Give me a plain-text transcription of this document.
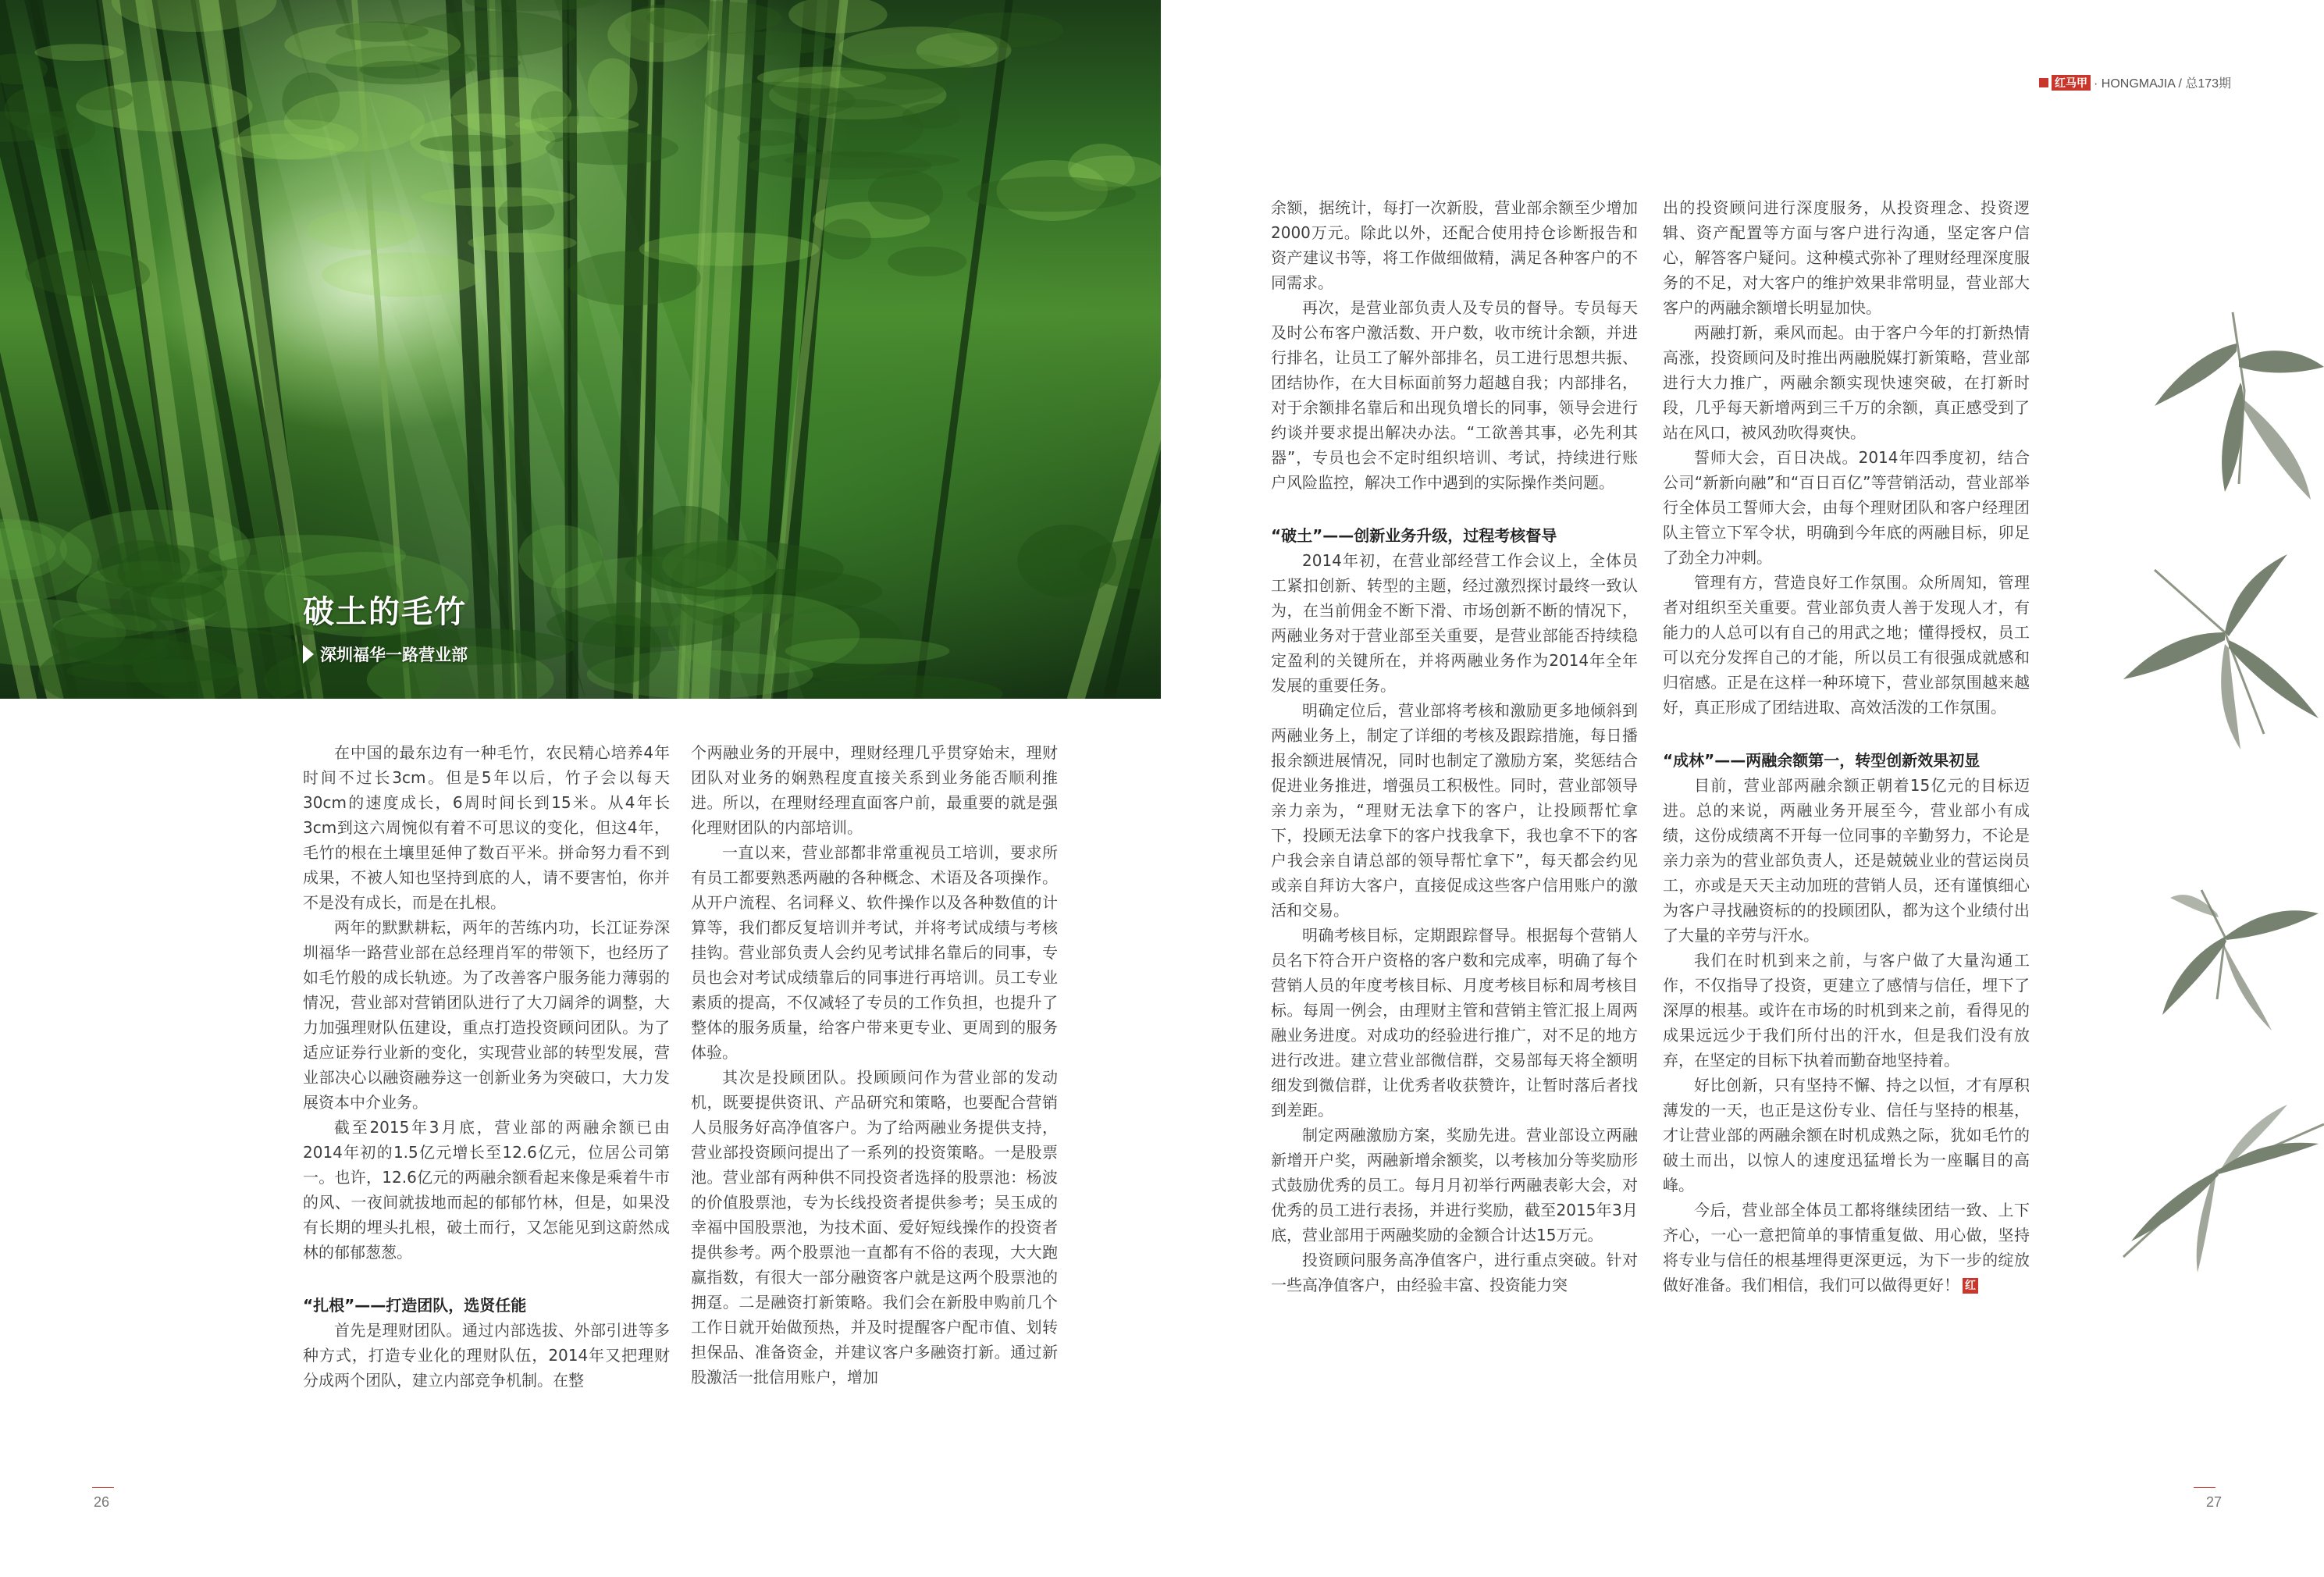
破土的毛竹
深圳福华一路营业部

在中国的最东边有一种毛竹，农民精心培养4年时间不过长3cm。但是5年以后，竹子会以每天30cm的速度成长，6周时间长到15米。从4年长3cm到这六周惋似有着不可思议的变化，但这4年，毛竹的根在土壤里延伸了数百平米。拼命努力看不到成果，不被人知也坚持到底的人，请不要害怕，你并不是没有成长，而是在扎根。

两年的默默耕耘，两年的苦练内功，长江证券深圳福华一路营业部在总经理肖军的带领下，也经历了如毛竹般的成长轨迹。为了改善客户服务能力薄弱的情况，营业部对营销团队进行了大刀阔斧的调整，大力加强理财队伍建设，重点打造投资顾问团队。为了适应证券行业新的变化，实现营业部的转型发展，营业部决心以融资融券这一创新业务为突破口，大力发展资本中介业务。

截至2015年3月底，营业部的两融余额已由2014年初的1.5亿元增长至12.6亿元，位居公司第一。也许，12.6亿元的两融余额看起来像是乘着牛市的风、一夜间就拔地而起的郁郁竹林，但是，如果没有长期的埋头扎根，破土而行，又怎能见到这蔚然成林的郁郁葱葱。

“扎根”——打造团队，选贤任能

首先是理财团队。通过内部选拔、外部引进等多种方式，打造专业化的理财队伍，2014年又把理财分成两个团队，建立内部竞争机制。在整

个两融业务的开展中，理财经理几乎贯穿始末，理财团队对业务的娴熟程度直接关系到业务能否顺利推进。所以，在理财经理直面客户前，最重要的就是强化理财团队的内部培训。

一直以来，营业部都非常重视员工培训，要求所有员工都要熟悉两融的各种概念、术语及各项操作。从开户流程、名词释义、软件操作以及各种数值的计算等，我们都反复培训并考试，并将考试成绩与考核挂钩。营业部负责人会约见考试排名靠后的同事，专员也会对考试成绩靠后的同事进行再培训。员工专业素质的提高，不仅减轻了专员的工作负担，也提升了整体的服务质量，给客户带来更专业、更周到的服务体验。

其次是投顾团队。投顾顾问作为营业部的发动机，既要提供资讯、产品研究和策略，也要配合营销人员服务好高净值客户。为了给两融业务提供支持，营业部投资顾问提出了一系列的投资策略。一是股票池。营业部有两种供不同投资者选择的股票池：杨波的价值股票池，专为长线投资者提供参考；吴玉成的幸福中国股票池，为技术面、爱好短线操作的投资者提供参考。两个股票池一直都有不俗的表现，大大跑赢指数，有很大一部分融资客户就是这两个股票池的拥趸。二是融资打新策略。我们会在新股申购前几个工作日就开始做预热，并及时提醒客户配市值、划转担保品、准备资金，并建议客户多融资打新。通过新股激活一批信用账户，增加

26
红马甲 · HONGMAJIA / 总173期

余额，据统计，每打一次新股，营业部余额至少增加2000万元。除此以外，还配合使用持仓诊断报告和资产建议书等，将工作做细做精，满足各种客户的不同需求。

再次，是营业部负责人及专员的督导。专员每天及时公布客户激活数、开户数，收市统计余额，并进行排名，让员工了解外部排名，员工进行思想共振、团结协作，在大目标面前努力超越自我；内部排名，对于余额排名靠后和出现负增长的同事，领导会进行约谈并要求提出解决办法。“工欲善其事，必先利其器”，专员也会不定时组织培训、考试，持续进行账户风险监控，解决工作中遇到的实际操作类问题。

“破土”——创新业务升级，过程考核督导

2014年初，在营业部经营工作会议上，全体员工紧扣创新、转型的主题，经过激烈探讨最终一致认为，在当前佣金不断下滑、市场创新不断的情况下，两融业务对于营业部至关重要，是营业部能否持续稳定盈利的关键所在，并将两融业务作为2014年全年发展的重要任务。

明确定位后，营业部将考核和激励更多地倾斜到两融业务上，制定了详细的考核及跟踪措施，每日播报余额进展情况，同时也制定了激励方案，奖惩结合促进业务推进，增强员工积极性。同时，营业部领导亲力亲为，“理财无法拿下的客户，让投顾帮忙拿下，投顾无法拿下的客户找我拿下，我也拿不下的客户我会亲自请总部的领导帮忙拿下”，每天都会约见或亲自拜访大客户，直接促成这些客户信用账户的激活和交易。

明确考核目标，定期跟踪督导。根据每个营销人员名下符合开户资格的客户数和完成率，明确了每个营销人员的年度考核目标、月度考核目标和周考核目标。每周一例会，由理财主管和营销主管汇报上周两融业务进度。对成功的经验进行推广，对不足的地方进行改进。建立营业部微信群，交易部每天将全额明细发到微信群，让优秀者收获赞许，让暂时落后者找到差距。

制定两融激励方案，奖励先进。营业部设立两融新增开户奖，两融新增余额奖，以考核加分等奖励形式鼓励优秀的员工。每月月初举行两融表彰大会，对优秀的员工进行表扬，并进行奖励，截至2015年3月底，营业部用于两融奖励的金额合计达15万元。

投资顾问服务高净值客户，进行重点突破。针对一些高净值客户，由经验丰富、投资能力突

出的投资顾问进行深度服务，从投资理念、投资逻辑、资产配置等方面与客户进行沟通，坚定客户信心，解答客户疑问。这种模式弥补了理财经理深度服务的不足，对大客户的维护效果非常明显，营业部大客户的两融余额增长明显加快。

两融打新，乘风而起。由于客户今年的打新热情高涨，投资顾问及时推出两融脱媒打新策略，营业部进行大力推广，两融余额实现快速突破，在打新时段，几乎每天新增两到三千万的余额，真正感受到了站在风口，被风劲吹得爽快。

誓师大会，百日决战。2014年四季度初，结合公司“新新向融”和“百日百亿”等营销活动，营业部举行全体员工誓师大会，由每个理财团队和客户经理团队主管立下军令状，明确到今年底的两融目标，卯足了劲全力冲刺。

管理有方，营造良好工作氛围。众所周知，管理者对组织至关重要。营业部负责人善于发现人才，有能力的人总可以有自己的用武之地；懂得授权，员工可以充分发挥自己的才能，所以员工有很强成就感和归宿感。正是在这样一种环境下，营业部氛围越来越好，真正形成了团结进取、高效活泼的工作氛围。

“成林”——两融余额第一，转型创新效果初显

目前，营业部两融余额正朝着15亿元的目标迈进。总的来说，两融业务开展至今，营业部小有成绩，这份成绩离不开每一位同事的辛勤努力，不论是亲力亲为的营业部负责人，还是兢兢业业的营运岗员工，亦或是天天主动加班的营销人员，还有谨慎细心为客户寻找融资标的的投顾团队，都为这个业绩付出了大量的辛劳与汗水。

我们在时机到来之前，与客户做了大量沟通工作，不仅指导了投资，更建立了感情与信任，埋下了深厚的根基。或许在市场的时机到来之前，看得见的成果远远少于我们所付出的汗水，但是我们没有放弃，在坚定的目标下执着而勤奋地坚持着。

好比创新，只有坚持不懈、持之以恒，才有厚积薄发的一天，也正是这份专业、信任与坚持的根基，才让营业部的两融余额在时机成熟之际，犹如毛竹的破土而出，以惊人的速度迅猛增长为一座瞩目的高峰。

今后，营业部全体员工都将继续团结一致、上下齐心，一心一意把简单的事情重复做、用心做，坚持将专业与信任的根基埋得更深更远，为下一步的绽放做好准备。我们相信，我们可以做得更好！ 红

27
